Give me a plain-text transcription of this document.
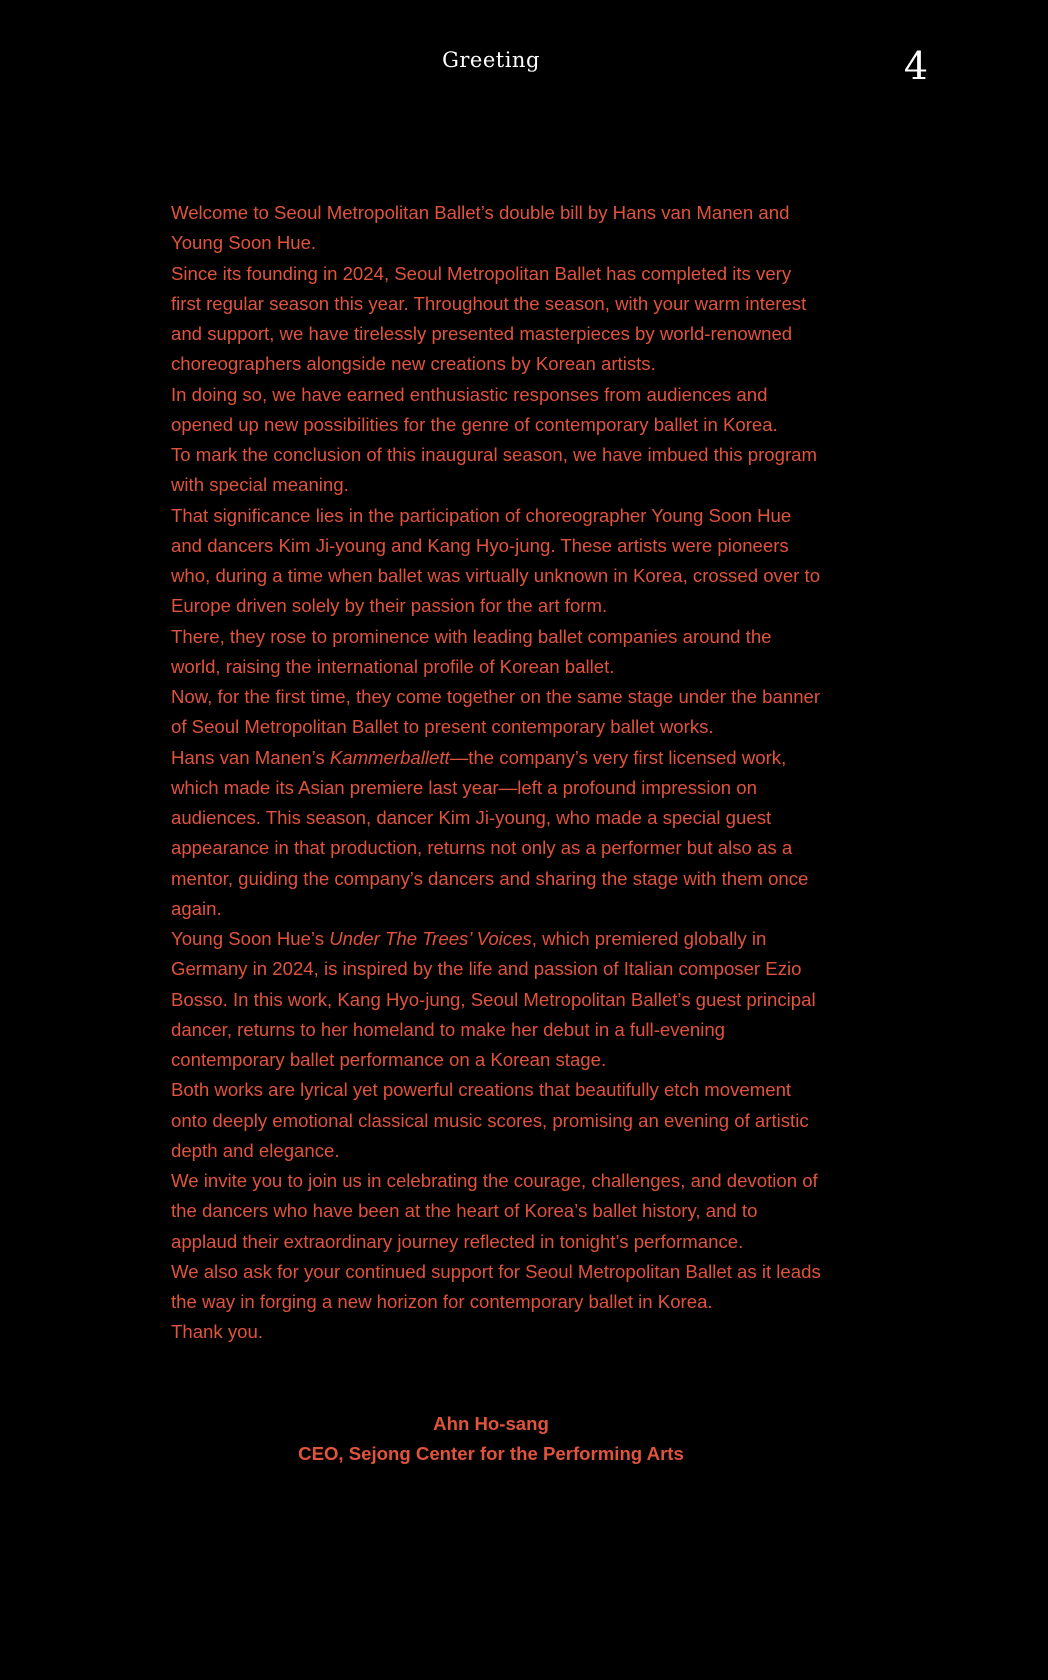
Greeting	4

Welcome to Seoul Metropolitan Ballet’s double bill by Hans van Manen and Young Soon Hue.

Since its founding in 2024, Seoul Metropolitan Ballet has completed its very first regular season this year. Throughout the season, with your warm interest and support, we have tirelessly presented masterpieces by world-renowned choreographers alongside new creations by Korean artists.

In doing so, we have earned enthusiastic responses from audiences and opened up new possibilities for the genre of contemporary ballet in Korea.

To mark the conclusion of this inaugural season, we have imbued this program with special meaning.

That significance lies in the participation of choreographer Young Soon Hue and dancers Kim Ji-young and Kang Hyo-jung. These artists were pioneers who, during a time when ballet was virtually unknown in Korea, crossed over to Europe driven solely by their passion for the art form.

There, they rose to prominence with leading ballet companies around the world, raising the international profile of Korean ballet.

Now, for the first time, they come together on the same stage under the banner of Seoul Metropolitan Ballet to present contemporary ballet works.

Hans van Manen’s Kammerballett—the company’s very first licensed work, which made its Asian premiere last year—left a profound impression on audiences. This season, dancer Kim Ji-young, who made a special guest appearance in that production, returns not only as a performer but also as a mentor, guiding the company’s dancers and sharing the stage with them once again.

Young Soon Hue’s Under The Trees’ Voices, which premiered globally in Germany in 2024, is inspired by the life and passion of Italian composer Ezio Bosso. In this work, Kang Hyo-jung, Seoul Metropolitan Ballet’s guest principal dancer, returns to her homeland to make her debut in a full-evening contemporary ballet performance on a Korean stage.

Both works are lyrical yet powerful creations that beautifully etch movement onto deeply emotional classical music scores, promising an evening of artistic depth and elegance.

We invite you to join us in celebrating the courage, challenges, and devotion of the dancers who have been at the heart of Korea’s ballet history, and to applaud their extraordinary journey reflected in tonight’s performance.

We also ask for your continued support for Seoul Metropolitan Ballet as it leads the way in forging a new horizon for contemporary ballet in Korea.

Thank you.

Ahn Ho-sang
CEO, Sejong Center for the Performing Arts
